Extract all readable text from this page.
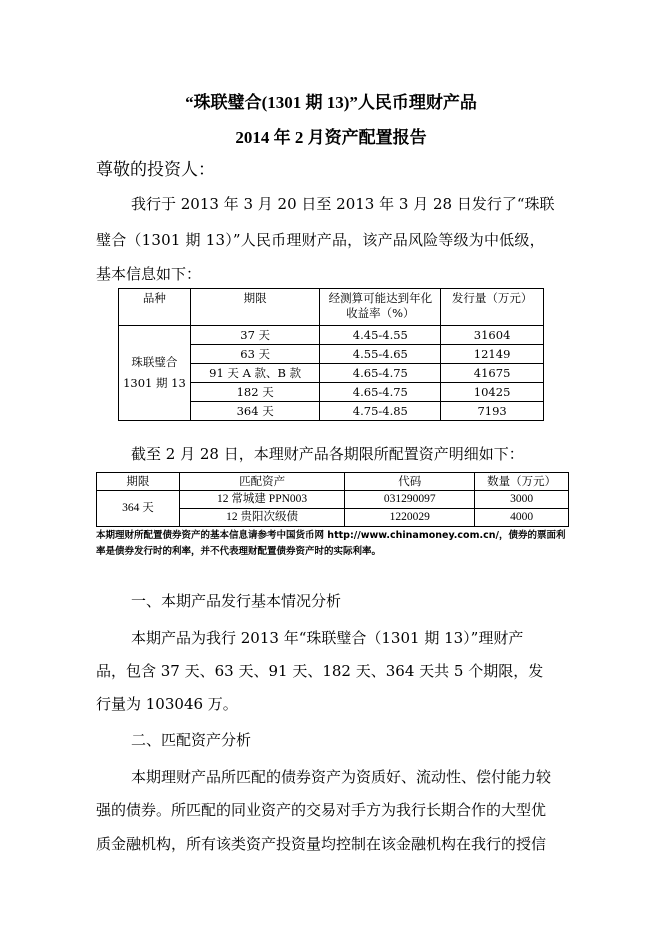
“珠联璧合(1301 期 13)”人民币理财产品
2014 年 2 月资产配置报告
尊敬的投资人：
我行于 2013 年 3 月 20 日至 2013 年 3 月 28 日发行了“珠联
璧合（1301 期 13）”人民币理财产品，该产品风险等级为中低级，
基本信息如下：
品种	期限	经测算可能达到年化收益率（%）	发行量（万元）

珠联璧合
1301 期 13	37 天	4.45-4.55	31604
	63 天	4.55-4.65	12149
	91 天 A 款、B 款	4.65-4.75	41675
	182 天	4.65-4.75	10425
	364 天	4.75-4.85	7193
截至 2 月 28 日，本理财产品各期限所配置资产明细如下：
期限	匹配资产	代码	数量（万元）
364 天	12 常城建 PPN003	031290097	3000
	12 贵阳次级债	1220029	4000
本期理财所配置债券资产的基本信息请参考中国货币网 http://www.chinamoney.com.cn/，债券的票面利
率是债券发行时的利率，并不代表理财配置债券资产时的实际利率。
一、本期产品发行基本情况分析
本期产品为我行 2013 年“珠联璧合（1301 期 13）”理财产
品，包含 37 天、63 天、91 天、182 天、364 天共 5 个期限，发
行量为 103046 万。
二、匹配资产分析
本期理财产品所匹配的债券资产为资质好、流动性、偿付能力较
强的债券。所匹配的同业资产的交易对手方为我行长期合作的大型优
质金融机构，所有该类资产投资量均控制在该金融机构在我行的授信
